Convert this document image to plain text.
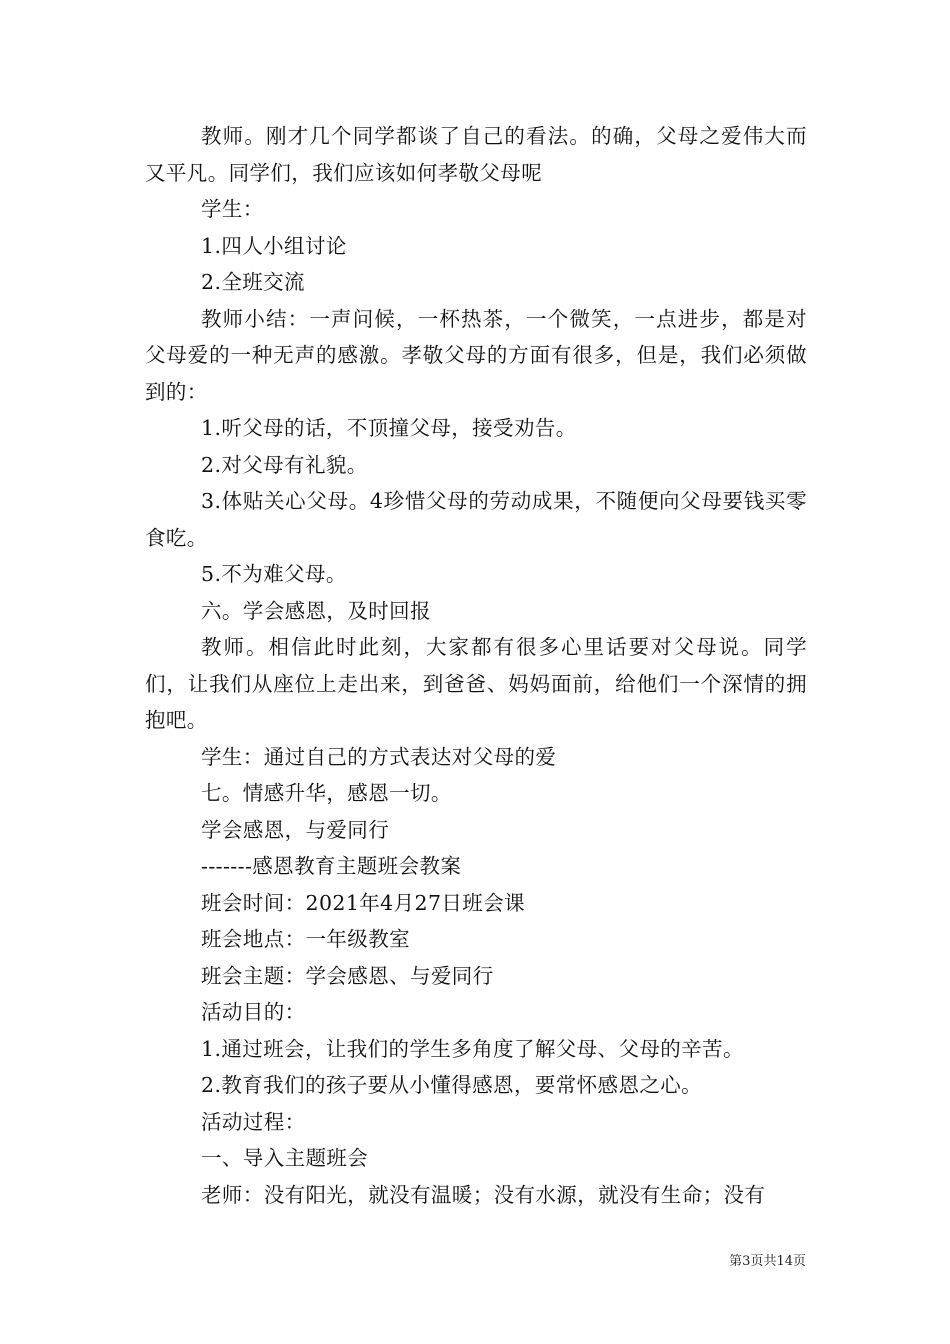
教师。刚才几个同学都谈了自己的看法。的确，父母之爱伟大而又平凡。同学们，我们应该如何孝敬父母呢

学生：

1.四人小组讨论

2.全班交流

教师小结：一声问候，一杯热茶，一个微笑，一点进步，都是对父母爱的一种无声的感激。孝敬父母的方面有很多，但是，我们必须做到的：

1.听父母的话，不顶撞父母，接受劝告。

2.对父母有礼貌。

3.体贴关心父母。4珍惜父母的劳动成果，不随便向父母要钱买零食吃。

5.不为难父母。

六。学会感恩，及时回报

教师。相信此时此刻，大家都有很多心里话要对父母说。同学们，让我们从座位上走出来，到爸爸、妈妈面前，给他们一个深情的拥抱吧。

学生：通过自己的方式表达对父母的爱

七。情感升华，感恩一切。

学会感恩，与爱同行

-------感恩教育主题班会教案

班会时间：2021年4月27日班会课

班会地点：一年级教室

班会主题：学会感恩、与爱同行

活动目的：

1.通过班会，让我们的学生多角度了解父母、父母的辛苦。

2.教育我们的孩子要从小懂得感恩，要常怀感恩之心。

活动过程：

一、导入主题班会

老师：没有阳光，就没有温暖；没有水源，就没有生命；没有

第3页共14页
